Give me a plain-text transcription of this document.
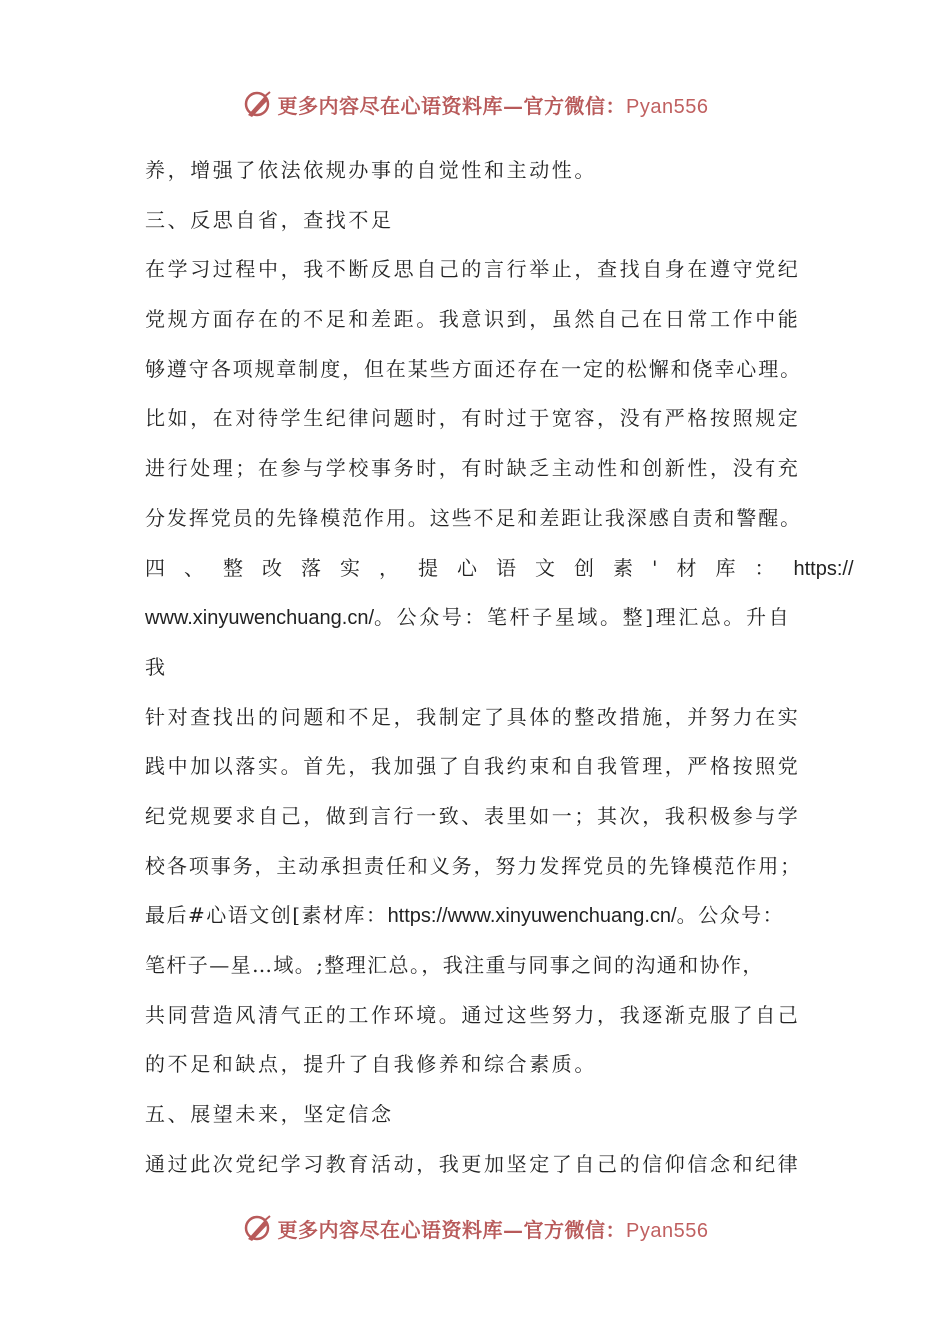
更多内容尽在心语资料库—官方微信：Pyan556
养，增强了依法依规办事的自觉性和主动性。
三、反思自省，查找不足
在学习过程中，我不断反思自己的言行举止，查找自身在遵守党纪
党规方面存在的不足和差距。我意识到，虽然自己在日常工作中能
够遵守各项规章制度，但在某些方面还存在一定的松懈和侥幸心理。
比如，在对待学生纪律问题时，有时过于宽容，没有严格按照规定
进行处理；在参与学校事务时，有时缺乏主动性和创新性，没有充
分发挥党员的先锋模范作用。这些不足和差距让我深感自责和警醒。
四、整改落实，提心语文创素'材库：https://
www.xinyuwenchuang.cn/。公众号：笔杆子星域。整]理汇总。升自
我
针对查找出的问题和不足，我制定了具体的整改措施，并努力在实
践中加以落实。首先，我加强了自我约束和自我管理，严格按照党
纪党规要求自己，做到言行一致、表里如一；其次，我积极参与学
校各项事务，主动承担责任和义务，努力发挥党员的先锋模范作用；
最后#心语文创[素材库：https://www.xinyuwenchuang.cn/。公众号：
笔杆子—星…域。;整理汇总。，我注重与同事之间的沟通和协作，
共同营造风清气正的工作环境。通过这些努力，我逐渐克服了自己
的不足和缺点，提升了自我修养和综合素质。
五、展望未来，坚定信念
通过此次党纪学习教育活动，我更加坚定了自己的信仰信念和纪律
更多内容尽在心语资料库—官方微信：Pyan556
